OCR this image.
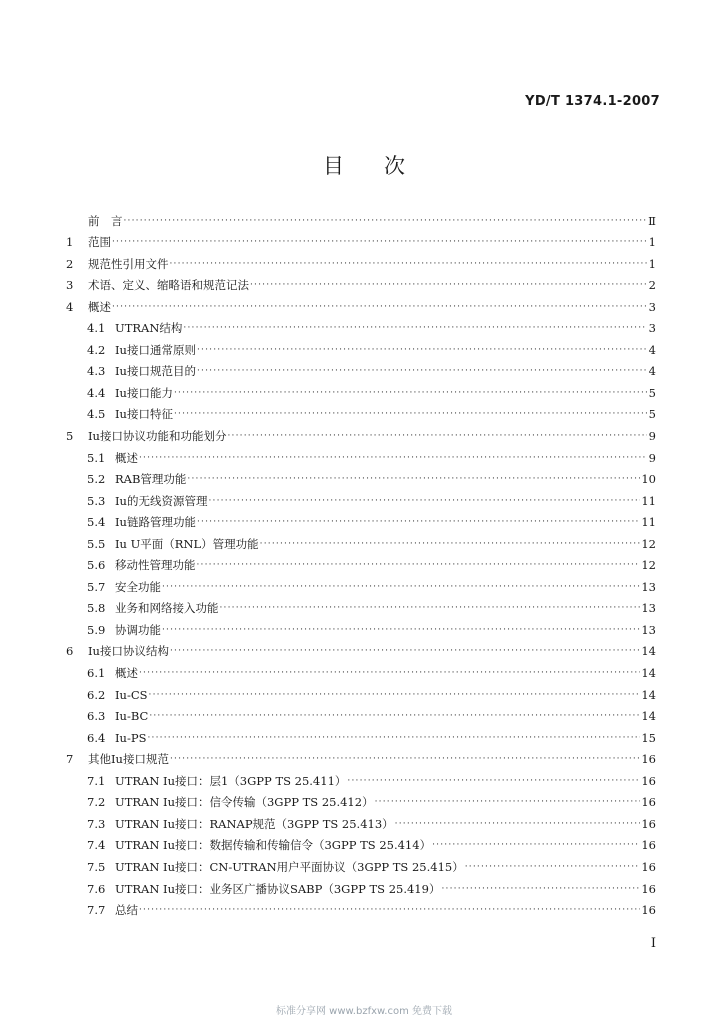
YD/T 1374.1-2007
目次
前　言 ·····	Ⅱ
1	范围 ·····	1
2	规范性引用文件 ·····	1
3	术语、定义、缩略语和规范记法 ·····	2
4	概述 ·····	3
4.1 UTRAN结构 ·····	3
4.2 Iu接口通常原则 ·····	4
4.3 Iu接口规范目的 ·····	4
4.4 Iu接口能力 ·····	5
4.5 Iu接口特征 ·····	5
5	Iu接口协议功能和功能划分 ·····	9
5.1 概述 ·····	9
5.2 RAB管理功能 ·····	10
5.3 Iu的无线资源管理 ·····	11
5.4 Iu链路管理功能 ·····	11
5.5 Iu U平面（RNL）管理功能 ·····	12
5.6 移动性管理功能 ·····	12
5.7 安全功能 ·····	13
5.8 业务和网络接入功能 ·····	13
5.9 协调功能 ·····	13
6	Iu接口协议结构 ·····	14
6.1 概述 ·····	14
6.2 Iu-CS ·····	14
6.3 Iu-BC ·····	14
6.4 Iu-PS ·····	15
7	其他Iu接口规范 ·····	16
7.1 UTRAN Iu接口：层1（3GPP TS 25.411） ·····	16
7.2 UTRAN Iu接口：信令传输（3GPP TS 25.412） ·····	16
7.3 UTRAN Iu接口：RANAP规范（3GPP TS 25.413） ·····	16
7.4 UTRAN Iu接口：数据传输和传输信令（3GPP TS 25.414） ·····	16
7.5 UTRAN Iu接口：CN-UTRAN用户平面协议（3GPP TS 25.415） ·····	16
7.6 UTRAN Iu接口：业务区广播协议SABP（3GPP TS 25.419） ·····	16
7.7 总结 ·····	16
I
标准分享网 www.bzfxw.com 免费下载
